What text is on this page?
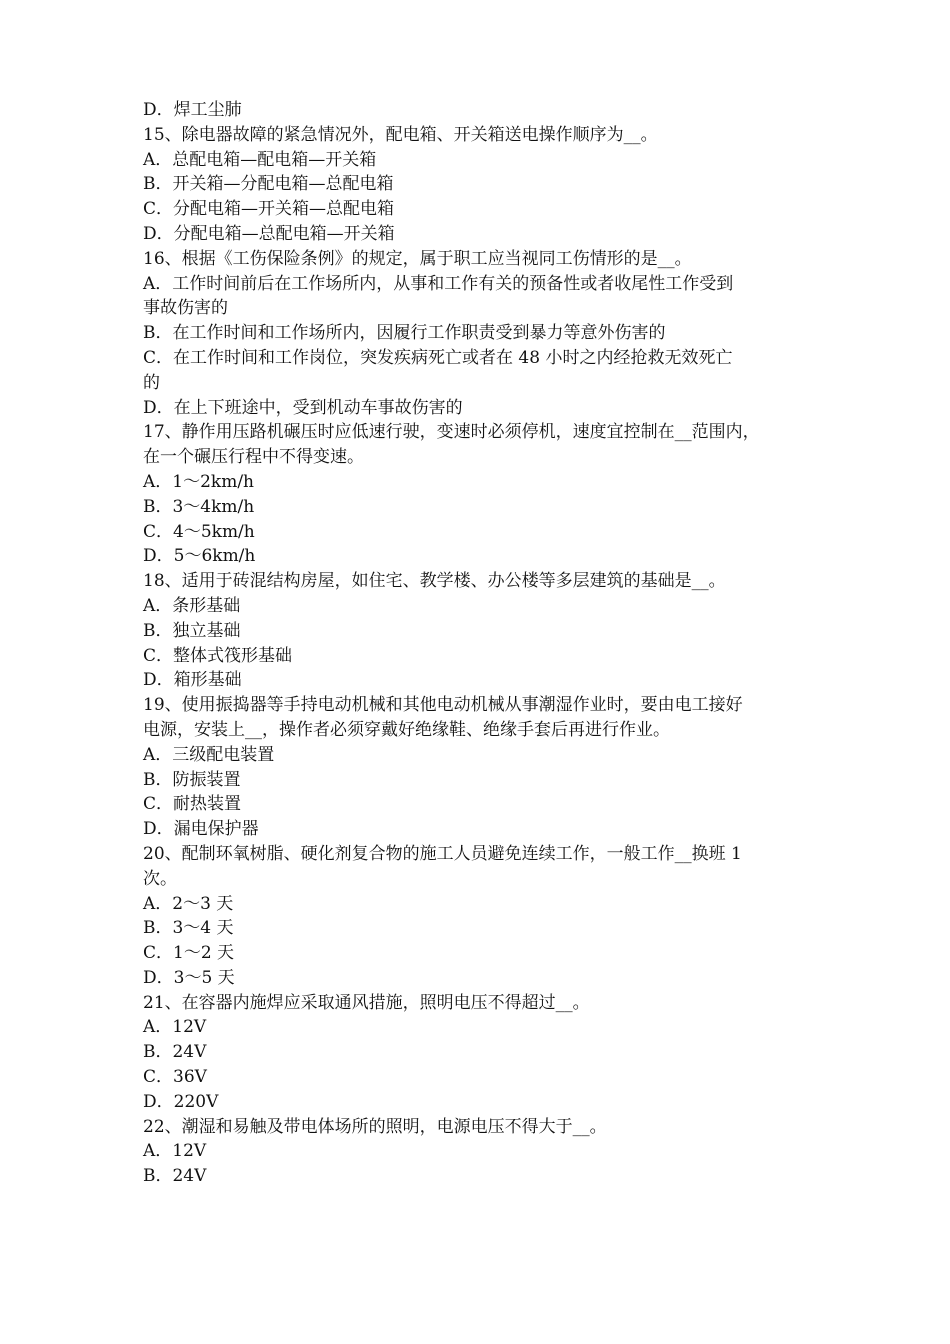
D．焊工尘肺
15、除电器故障的紧急情况外，配电箱、开关箱送电操作顺序为__。
A．总配电箱—配电箱—开关箱
B．开关箱—分配电箱—总配电箱
C．分配电箱—开关箱—总配电箱
D．分配电箱—总配电箱—开关箱
16、根据《工伤保险条例》的规定，属于职工应当视同工伤情形的是__。
A．工作时间前后在工作场所内，从事和工作有关的预备性或者收尾性工作受到
事故伤害的
B．在工作时间和工作场所内，因履行工作职责受到暴力等意外伤害的
C．在工作时间和工作岗位，突发疾病死亡或者在 48 小时之内经抢救无效死亡
的
D．在上下班途中，受到机动车事故伤害的
17、静作用压路机碾压时应低速行驶，变速时必须停机，速度宜控制在__范围内，
在一个碾压行程中不得变速。
A．1～2km/h
B．3～4km/h
C．4～5km/h
D．5～6km/h
18、适用于砖混结构房屋，如住宅、教学楼、办公楼等多层建筑的基础是__。
A．条形基础
B．独立基础
C．整体式筏形基础
D．箱形基础
19、使用振捣器等手持电动机械和其他电动机械从事潮湿作业时，要由电工接好
电源，安装上__，操作者必须穿戴好绝缘鞋、绝缘手套后再进行作业。
A．三级配电装置
B．防振装置
C．耐热装置
D．漏电保护器
20、配制环氧树脂、硬化剂复合物的施工人员避免连续工作，一般工作__换班 1
次。
A．2～3 天
B．3～4 天
C．1～2 天
D．3～5 天
21、在容器内施焊应采取通风措施，照明电压不得超过__。
A．12V
B．24V
C．36V
D．220V
22、潮湿和易触及带电体场所的照明，电源电压不得大于__。
A．12V
B．24V
